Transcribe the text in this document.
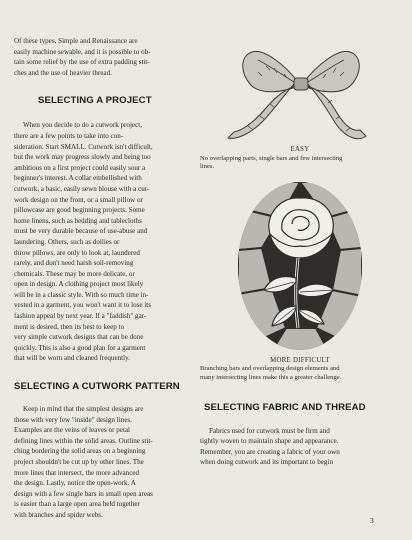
Of these types, Simple and Renaissance are

easily machine sewable, and it is possible to ob-

tain some relief by the use of extra padding stit-

ches and the use of heavier thread.

SELECTING A PROJECT

When you decide to do a cutwork project,

there are a few points to take into con-

sideration. Start SMALL. Cutwork isn't difficult,

but the work may progress slowly and being too

ambitious on a first project could easily sour a

beginner's interest. A collar embellished with

cutwork, a basic, easily sewn blouse with a cut-

work design on the front, or a small pillow or

pillowcase are good beginning projects. Some

home linens, such as bedding and tablecloths

must be very durable because of use-abuse and

laundering. Others, such as doilies or

throw pillows, are only to look at, laundered

rarely, and don't need harsh soil-removing

chemicals. These may be more delicate, or

open in design. A clothing project most likely

will be in a classic style. With so much time in-

vested in a garment, you won't want it to lose its

fashion appeal by next year. If a "faddish" gar-

ment is desired, then its best to keep to

very simple cutwork designs that can be done

quickly. This is also a good plan for a garment

that will be worn and cleaned frequently.

SELECTING A CUTWORK PATTERN

Keep in mind that the simplest designs are

those with very few "inside" design lines.

Examples are the veins of leaves or petal

defining lines within the solid areas. Outline stit-

ching bordering the solid areas on a beginning

project shouldn't be cut up by other lines. The

more lines that intersect, the more advanced

the design. Lastly, notice the open-work. A

design with a few single bars in small open areas

is easier than a large open area held together

with branches and spider webs.

EASY
No overlapping parts, single bars and few intersecting
lines.
MORE DIFFICULT
Branching bars and overlapping design elements and
many intersecting lines make this a greater challenge.
SELECTING FABRIC AND THREAD

Fabrics used for cutwork must be firm and

tightly woven to maintain shape and appearance.

Remember, you are creating a fabric of your own

when doing cutwork and its important to begin

3
